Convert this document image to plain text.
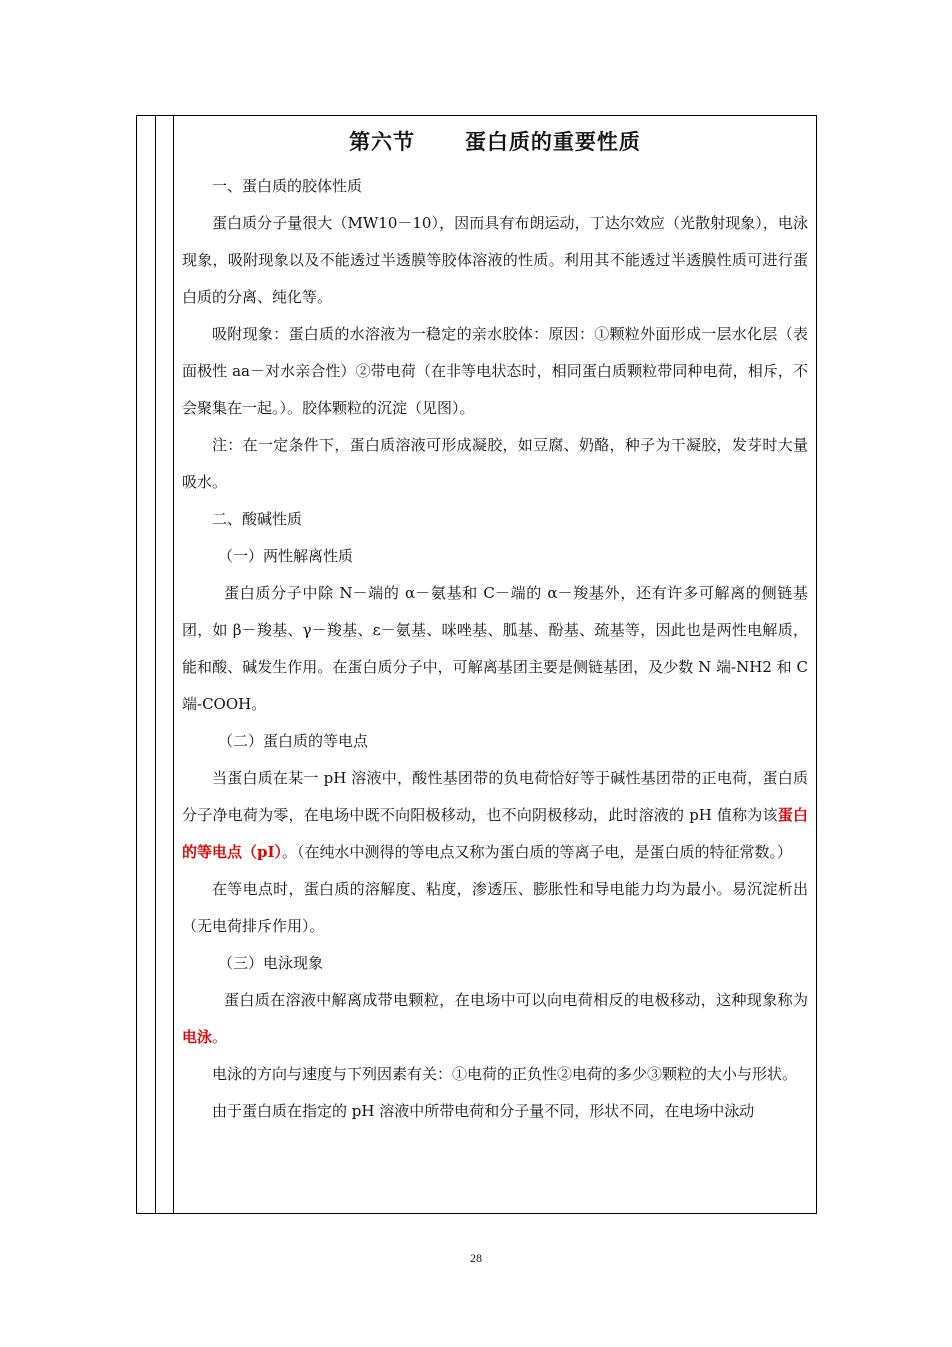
第六节      蛋白质的重要性质

一、蛋白质的胶体性质

蛋白质分子量很大（MW10－10），因而具有布朗运动，丁达尔效应（光散射现象），电泳现象，吸附现象以及不能透过半透膜等胶体溶液的性质。利用其不能透过半透膜性质可进行蛋白质的分离、纯化等。

吸附现象：蛋白质的水溶液为一稳定的亲水胶体：原因：①颗粒外面形成一层水化层（表面极性 aa－对水亲合性）②带电荷（在非等电状态时，相同蛋白质颗粒带同种电荷，相斥，不会聚集在一起。）。胶体颗粒的沉淀（见图）。

注：在一定条件下，蛋白质溶液可形成凝胶，如豆腐、奶酪，种子为干凝胶，发芽时大量吸水。

二、酸碱性质

（一）两性解离性质

蛋白质分子中除 N－端的 α－氨基和 C－端的 α－羧基外，还有许多可解离的侧链基团，如 β－羧基、γ－羧基、ε－氨基、咪唑基、胍基、酚基、巯基等，因此也是两性电解质，能和酸、碱发生作用。在蛋白质分子中，可解离基团主要是侧链基团，及少数 N 端-NH2 和 C 端-COOH。

（二）蛋白质的等电点

当蛋白质在某一 pH 溶液中，酸性基团带的负电荷恰好等于碱性基团带的正电荷，蛋白质分子净电荷为零，在电场中既不向阳极移动，也不向阴极移动，此时溶液的 pH 值称为该蛋白的等电点（pI）。（在纯水中测得的等电点又称为蛋白质的等离子电，是蛋白质的特征常数。）

在等电点时，蛋白质的溶解度、粘度，渗透压、膨胀性和导电能力均为最小。易沉淀析出（无电荷排斥作用）。

（三）电泳现象

蛋白质在溶液中解离成带电颗粒，在电场中可以向电荷相反的电极移动，这种现象称为电泳。

电泳的方向与速度与下列因素有关：①电荷的正负性②电荷的多少③颗粒的大小与形状。

由于蛋白质在指定的 pH 溶液中所带电荷和分子量不同，形状不同，在电场中泳动

28
